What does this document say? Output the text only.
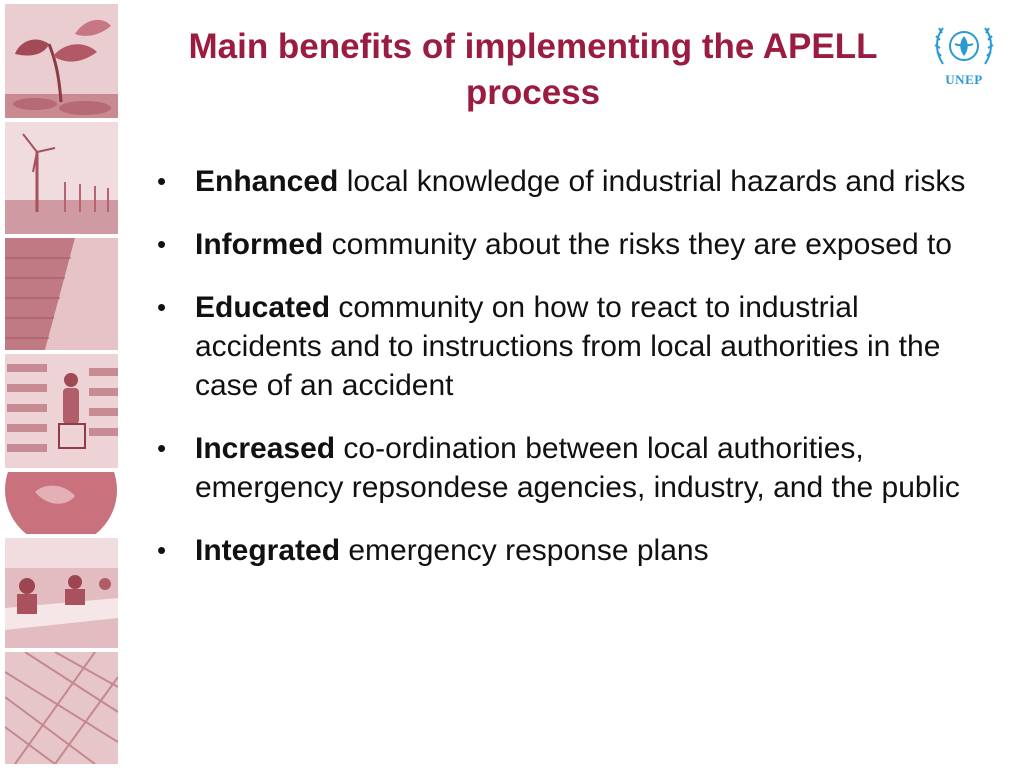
Main benefits of implementing the APELL process	UNEP
• Enhanced local knowledge of industrial hazards and risks
• Informed community about the risks they are exposed to
• Educated community on how to react to industrial accidents and to instructions from local authorities in the case of an accident
• Increased co-ordination between local authorities, emergency repsondese agencies, industry, and the public
• Integrated emergency response plans
